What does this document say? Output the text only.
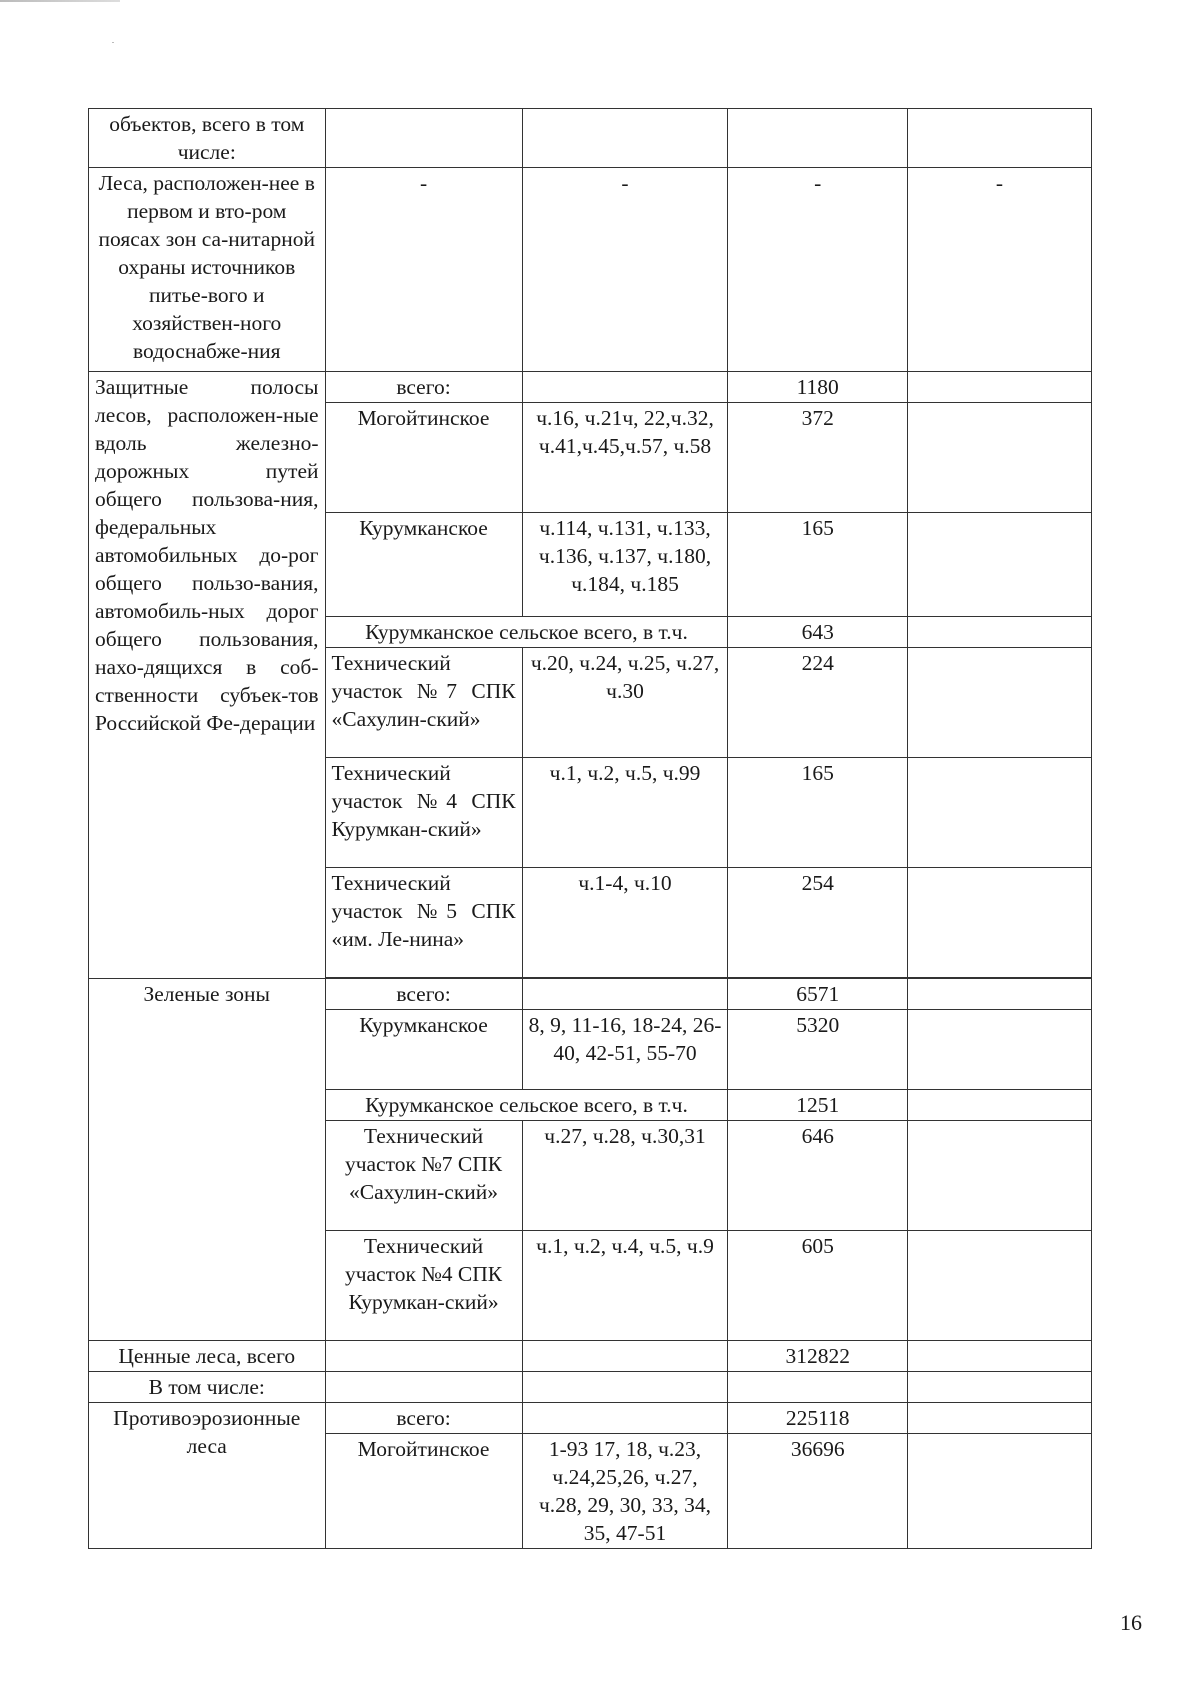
объектов, всего в том числе:				
Леса, расположен-нее в первом и вто-ром поясах зон са-нитарной охраны источников питье-вого и хозяйствен-ного водоснабже-ния	-	-	-	-
Защитные полосы лесов, расположен-ные вдоль железно-дорожных путей общего пользова-ния, федеральных автомобильных до-рог общего пользо-вания, автомобиль-ных дорог общего пользования, нахо-дящихся в соб-ственности субъек-тов Российской Фе-дерации	всего:		1180	
	Могойтинское	ч.16, ч.21ч, 22,ч.32, ч.41,ч.45,ч.57, ч.58	372	
	Курумканское	ч.114, ч.131, ч.133, ч.136, ч.137, ч.180, ч.184, ч.185	165	
	Курумканское сельское всего, в т.ч.		643	
	Технический участок №7 СПК «Сахулин-ский»	ч.20, ч.24, ч.25, ч.27, ч.30	224	
	Технический участок №4 СПК Курумкан-ский»	ч.1, ч.2, ч.5, ч.99	165	
	Технический участок №5 СПК «им. Ле-нина»	ч.1-4, ч.10	254	

Зеленые зоны	всего:		6571	
	Курумканское	8, 9, 11-16, 18-24, 26-40, 42-51, 55-70	5320	
	Курумканское сельское всего, в т.ч.		1251	
	Технический участок №7 СПК «Сахулин-ский»	ч.27, ч.28, ч.30,31	646	
	Технический участок №4 СПК Курумкан-ский»	ч.1, ч.2, ч.4, ч.5, ч.9	605	
Ценные леса, всего			312822	
В том числе:				
Противоэрозионные леса	всего:		225118	
	Могойтинское	1-93 17, 18, ч.23, ч.24,25,26, ч.27, ч.28, 29, 30, 33, 34, 35, 47-51	36696	
16
